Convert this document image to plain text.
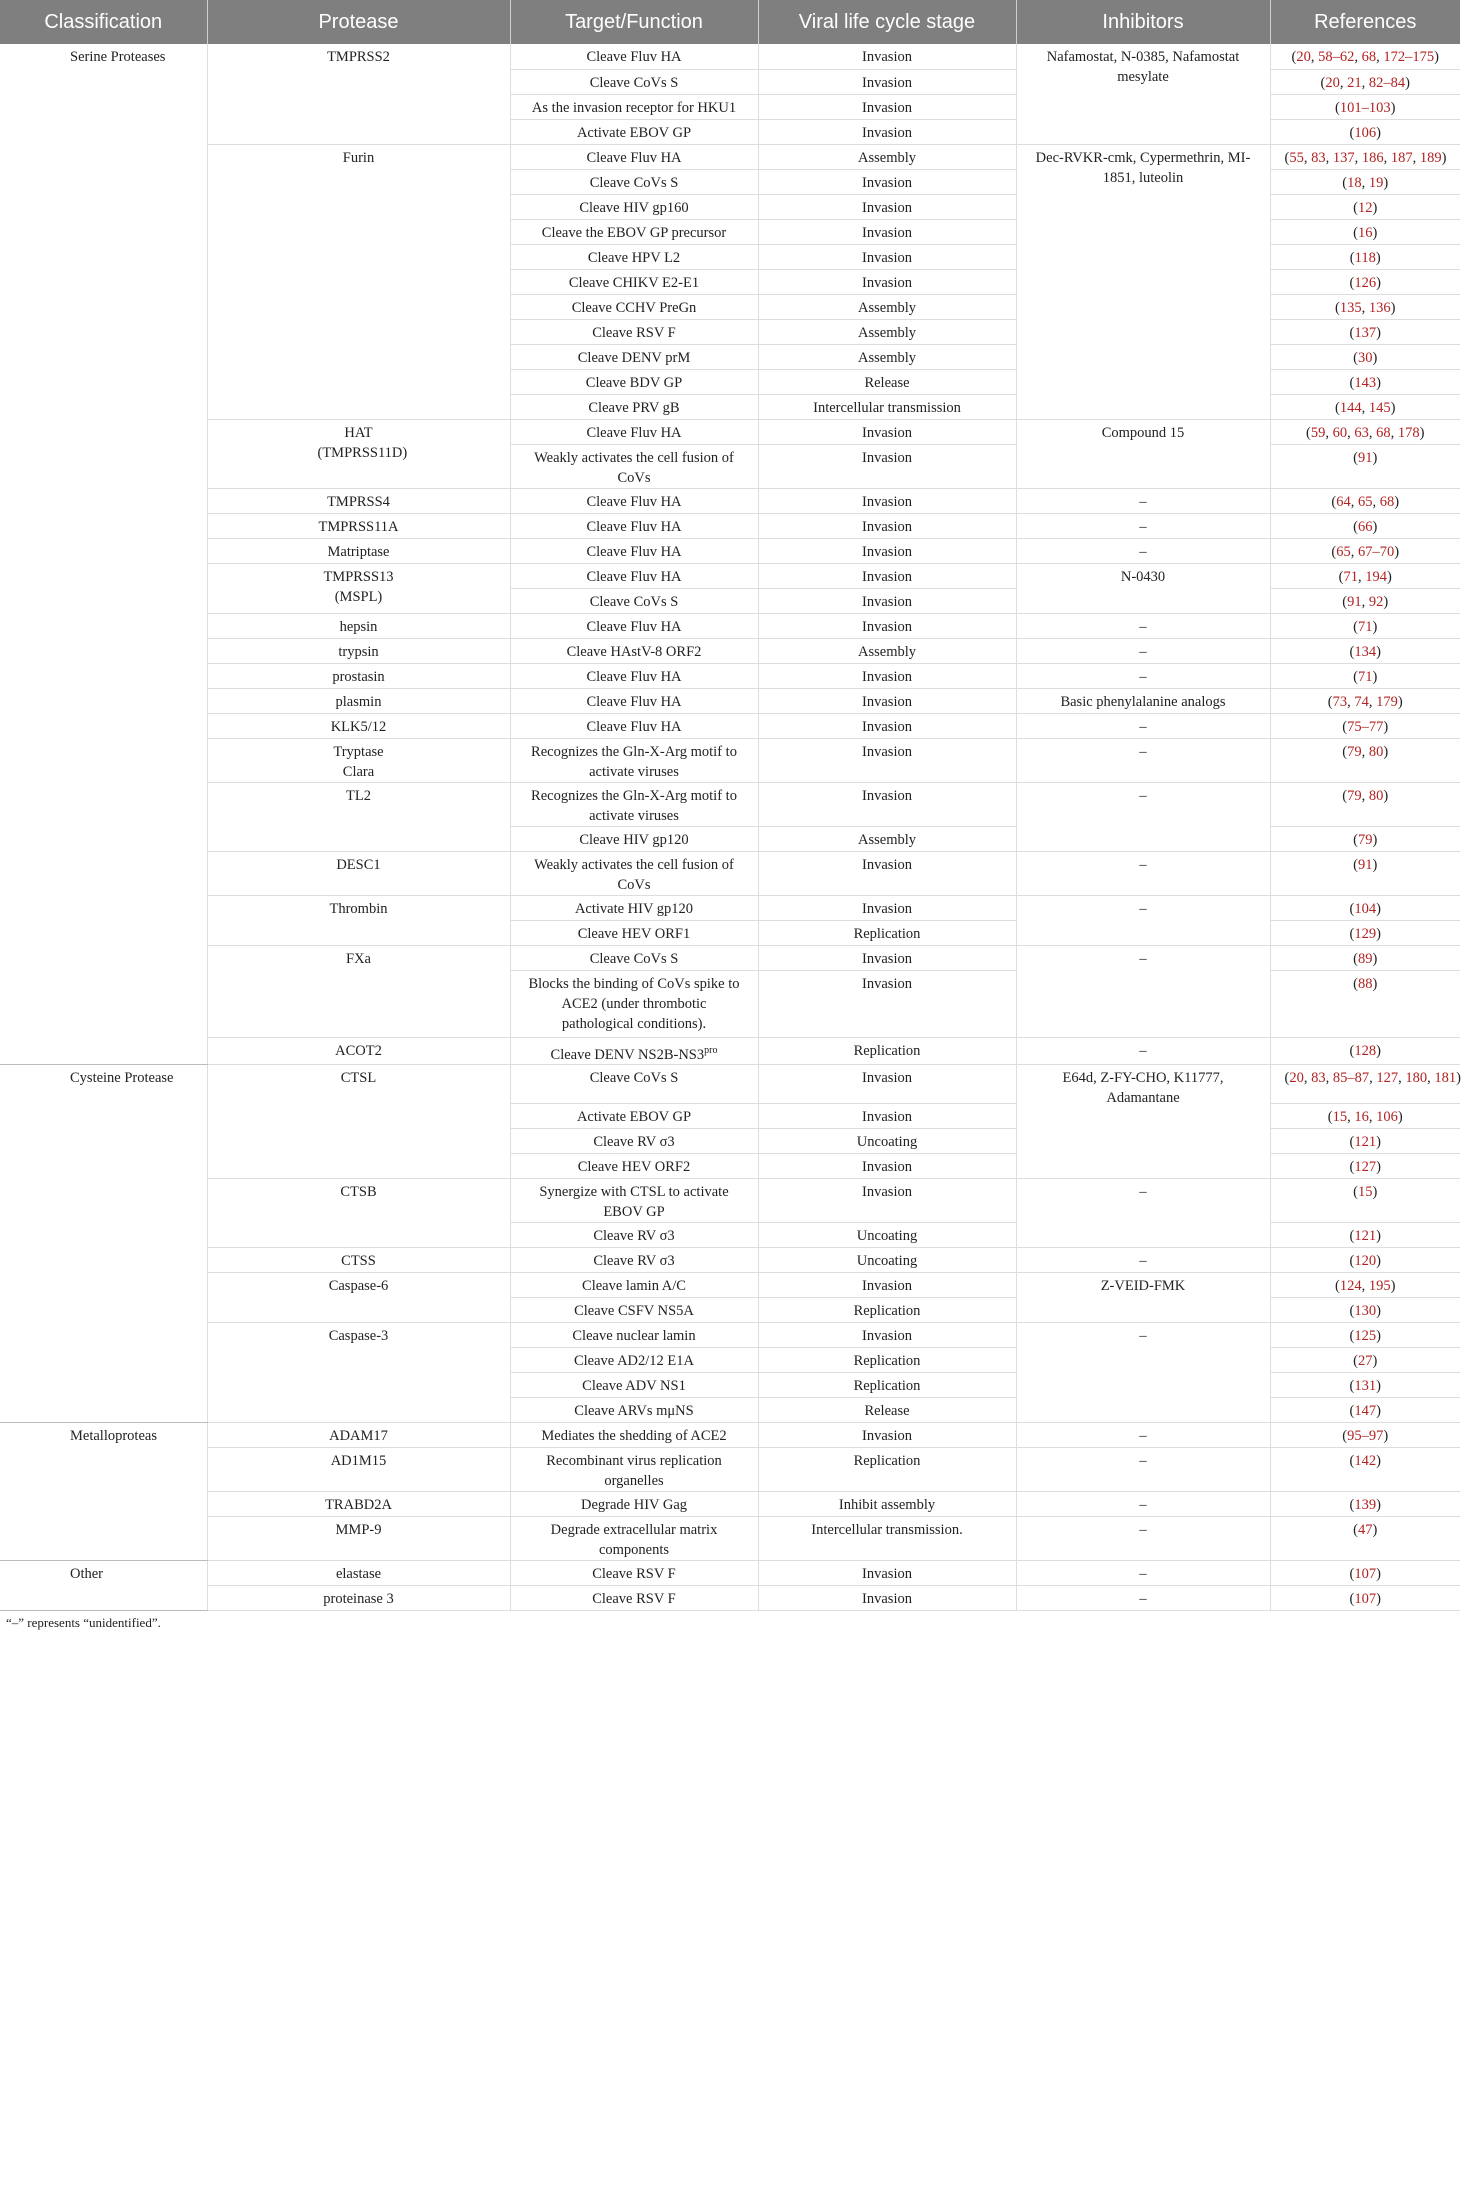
Classification	Protease	Target/Function	Viral life cycle stage	Inhibitors	References
Serine Proteases	TMPRSS2	Cleave Fluv HA	Invasion	Nafamostat, N-0385, Nafamostat mesylate	(20, 58–62, 68, 172–175)
		Cleave CoVs S	Invasion		(20, 21, 82–84)
		As the invasion receptor for HKU1	Invasion		(101–103)
		Activate EBOV GP	Invasion		(106)
	Furin	Cleave Fluv HA	Assembly	Dec-RVKR-cmk, Cypermethrin, MI-1851, luteolin	(55, 83, 137, 186, 187, 189)
		Cleave CoVs S	Invasion		(18, 19)
		Cleave HIV gp160	Invasion		(12)
		Cleave the EBOV GP precursor	Invasion		(16)
		Cleave HPV L2	Invasion		(118)
		Cleave CHIKV E2-E1	Invasion		(126)
		Cleave CCHV PreGn	Assembly		(135, 136)
		Cleave RSV F	Assembly		(137)
		Cleave DENV prM	Assembly		(30)
		Cleave BDV GP	Release		(143)
		Cleave PRV gB	Intercellular transmission		(144, 145)
	HAT (TMPRSS11D)	Cleave Fluv HA	Invasion	Compound 15	(59, 60, 63, 68, 178)
		Weakly activates the cell fusion of CoVs	Invasion		(91)
	TMPRSS4	Cleave Fluv HA	Invasion	–	(64, 65, 68)
	TMPRSS11A	Cleave Fluv HA	Invasion	–	(66)
	Matriptase	Cleave Fluv HA	Invasion	–	(65, 67–70)
	TMPRSS13 (MSPL)	Cleave Fluv HA	Invasion	N-0430	(71, 194)
		Cleave CoVs S	Invasion		(91, 92)
	hepsin	Cleave Fluv HA	Invasion	–	(71)
	trypsin	Cleave HAstV-8 ORF2	Assembly	–	(134)
	prostasin	Cleave Fluv HA	Invasion	–	(71)
	plasmin	Cleave Fluv HA	Invasion	Basic phenylalanine analogs	(73, 74, 179)
	KLK5/12	Cleave Fluv HA	Invasion	–	(75–77)
	Tryptase Clara	Recognizes the Gln-X-Arg motif to activate viruses	Invasion	–	(79, 80)
	TL2	Recognizes the Gln-X-Arg motif to activate viruses	Invasion	–	(79, 80)
		Cleave HIV gp120	Assembly		(79)
	DESC1	Weakly activates the cell fusion of CoVs	Invasion	–	(91)
	Thrombin	Activate HIV gp120	Invasion	–	(104)
		Cleave HEV ORF1	Replication		(129)
	FXa	Cleave CoVs S	Invasion	–	(89)
		Blocks the binding of CoVs spike to ACE2 (under thrombotic pathological conditions).	Invasion		(88)
	ACOT2	Cleave DENV $NS2B-NS3^{pro}$	Replication	–	(128)
Cysteine Protease	CTSL	Cleave CoVs S	Invasion	E64d, Z-FY-CHO, K11777, Adamantane	(20, 83, 85–87, 127, 180, 181)
		Activate EBOV GP	Invasion		(15, 16, 106)
		Cleave RV σ3	Uncoating		(121)
		Cleave HEV ORF2	Invasion		(127)
	CTSB	Synergize with CTSL to activate EBOV GP	Invasion	–	(15)
		Cleave RV σ3	Uncoating		(121)
	CTSS	Cleave RV σ3	Uncoating	–	(120)
	Caspase-6	Cleave lamin A/C	Invasion	Z-VEID-FMK	(124, 195)
		Cleave CSFV NS5A	Replication		(130)
	Caspase-3	Cleave nuclear lamin	Invasion	–	(125)
		Cleave AD2/12 E1A	Replication		(27)
		Cleave ADV NS1	Replication		(131)
		Cleave ARVs mμNS	Release		(147)
Metalloproteas	ADAM17	Mediates the shedding of ACE2	Invasion	–	(95–97)
	AD1M15	Recombinant virus replication organelles	Replication	–	(142)
	TRABD2A	Degrade HIV Gag	Inhibit assembly	–	(139)
	MMP-9	Degrade extracellular matrix components	Intercellular transmission.	–	(47)
Other	elastase	Cleave RSV F	Invasion	–	(107)
	proteinase 3	Cleave RSV F	Invasion	–	(107)
“–” represents “unidentified”.
